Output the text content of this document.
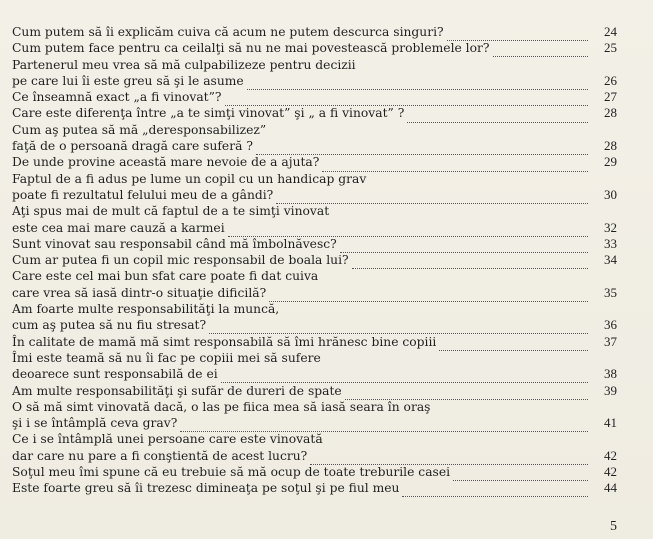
Cum putem să îi explicăm cuiva că acum ne putem descurca singuri?	24
Cum putem face pentru ca ceilalţi să nu ne mai povestească problemele lor?	25
Partenerul meu vrea să mă culpabilizeze pentru decizii
pe care lui îi este greu să şi le asume	26
Ce înseamnă exact „a fi vinovat”?	27
Care este diferenţa între „a te simţi vinovat” şi „ a fi vinovat” ?	28
Cum aş putea să mă „deresponsabilizez”
faţă de o persoană dragă care suferă ?	28
De unde provine această mare nevoie de a ajuta?	29
Faptul de a fi adus pe lume un copil cu un handicap grav
poate fi rezultatul felului meu de a gândi?	30
Aţi spus mai de mult că faptul de a te simţi vinovat
este cea mai mare cauză a karmei	32
Sunt vinovat sau responsabil când mă îmbolnăvesc?	33
Cum ar putea fi un copil mic responsabil de boala lui?	34
Care este cel mai bun sfat care poate fi dat cuiva
care vrea să iasă dintr-o situaţie dificilă?	35
Am foarte multe responsabilităţi la muncă,
cum aş putea să nu fiu stresat?	36
În calitate de mamă mă simt responsabilă să îmi hrănesc bine copiii	37
Îmi este teamă să nu îi fac pe copiii mei să sufere
deoarece sunt responsabilă de ei	38
Am multe responsabilităţi şi sufăr de dureri de spate	39
O să mă simt vinovată dacă, o las pe fiica mea să iasă seara în oraş
şi i se întâmplă ceva grav?	41
Ce i se întâmplă unei persoane care este vinovată
dar care nu pare a fi conştientă de acest lucru?	42
Soţul meu îmi spune că eu trebuie să mă ocup de toate treburile casei	42
Este foarte greu să îi trezesc dimineaţa pe soţul şi pe fiul meu	44
5
